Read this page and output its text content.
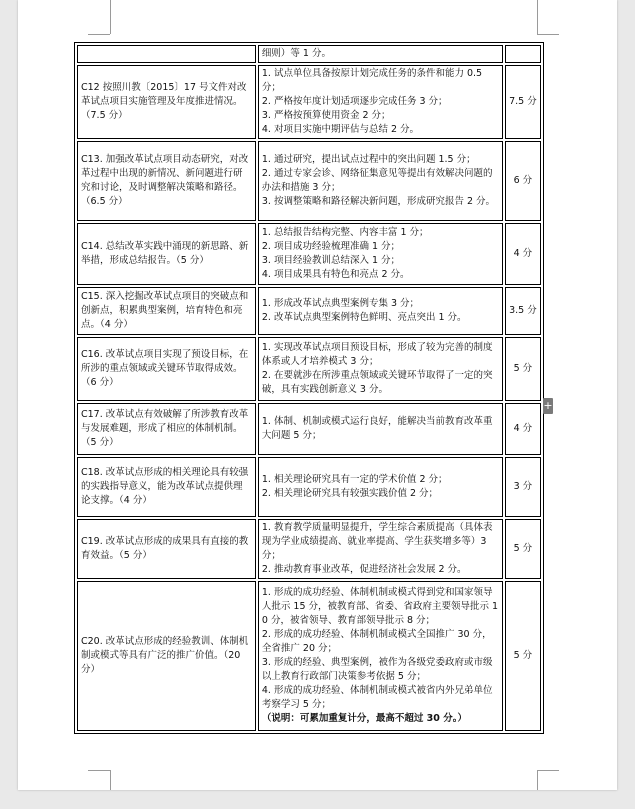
	细则）等 1 分。	
C12 按照川教〔2015〕17 号文件对改革试点项目实施管理及年度推进情况。（7.5 分）	1. 试点单位具备按原计划完成任务的条件和能力 0.5 分；
2. 严格按年度计划适项逐步完成任务 3 分；
3. 严格按预算使用资金 2 分；
4. 对项目实施中期评估与总结 2 分。	7.5 分
C13. 加强改革试点项目动态研究，对改革过程中出现的新情况、新问题进行研究和讨论，及时调整解决策略和路径。（6.5 分）	1. 通过研究，提出试点过程中的突出问题 1.5 分；
2. 通过专家会诊、网络征集意见等提出有效解决问题的办法和措施 3 分；
3. 按调整策略和路径解决新问题，形成研究报告 2 分。	6 分
C14. 总结改革实践中涌现的新思路、新举措，形成总结报告。（5 分）	1. 总结报告结构完整、内容丰富 1 分；
2. 项目成功经验梳理准确 1 分；
3. 项目经验教训总结深入 1 分；
4. 项目成果具有特色和亮点 2 分。	4 分
C15. 深入挖掘改革试点项目的突破点和创新点，积累典型案例，培育特色和亮点。（4 分）	1. 形成改革试点典型案例专集 3 分；
2. 改革试点典型案例特色鲜明、亮点突出 1 分。	3.5 分
C16. 改革试点项目实现了预设目标，在所涉的重点领域或关键环节取得成效。（6 分）	1. 实现改革试点项目预设目标，形成了较为完善的制度体系或人才培养模式 3 分；
2. 在要就涉在所涉重点领域或关键环节取得了一定的突破，具有实践创新意义 3 分。	5 分
C17. 改革试点有效破解了所涉教育改革与发展难题，形成了相应的体制机制。（5 分）	1. 体制、机制或模式运行良好，能解决当前教育改革重大问题 5 分；	4 分
C18. 改革试点形成的相关理论具有较强的实践指导意义，能为改革试点提供理论支撑。（4 分）	1. 相关理论研究具有一定的学术价值 2 分；
2. 相关理论研究具有较强实践价值 2 分；	3 分
C19. 改革试点形成的成果具有直接的教育效益。（5 分）	1. 教育教学质量明显提升，学生综合素质提高（具体表现为学业成绩提高、就业率提高、学生获奖增多等）3 分；
2. 推动教育事业改革，促进经济社会发展 2 分。	5 分
C20. 改革试点形成的经验教训、体制机制或模式等具有广泛的推广价值。（20 分）	1. 形成的成功经验、体制机制或模式得到党和国家领导人批示 15 分，被教育部、省委、省政府主要领导批示 10 分，被省领导、教育部领导批示 8 分；
2. 形成的成功经验、体制机制或模式全国推广 30 分，全省推广 20 分；
3. 形成的经验、典型案例，被作为各级党委政府或市级以上教育行政部门决策参考依据 5 分；
4. 形成的成功经验、体制机制或模式被省内外兄弟单位考察学习 5 分；
（说明：可累加重复计分，最高不超过 30 分。）	5 分
+
